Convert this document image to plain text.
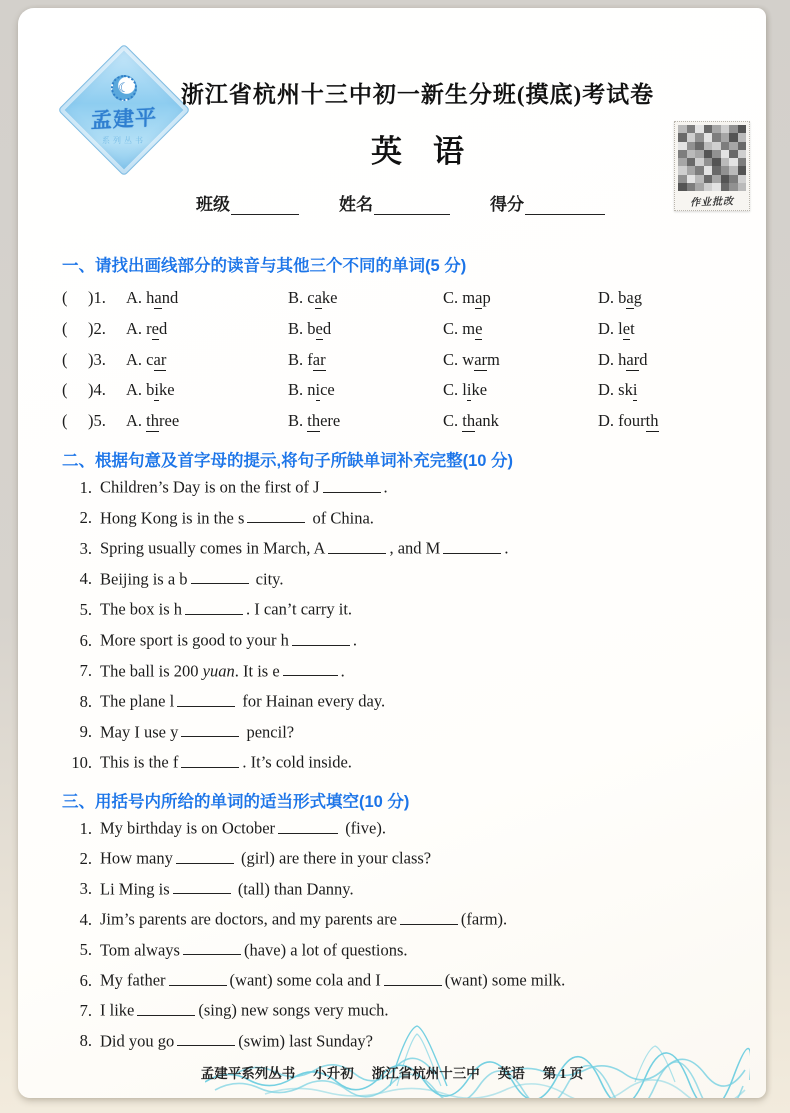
☾
孟建平
系列丛书
浙江省杭州十三中初一新生分班(摸底)考试卷
英    语
班级	姓名	得分	作业批改
一、请找出画线部分的读音与其他三个不同的单词(5 分)
(	)1.	A. hand	B. cake	C. map	D. bag
(	)2.	A. red	B. bed	C. me	D. let
(	)3.	A. car	B. far	C. warm	D. hard
(	)4.	A. bike	B. nice	C. like	D. ski
(	)5.	A. three	B. there	C. thank	D. fourth
二、根据句意及首字母的提示,将句子所缺单词补充完整(10 分)
1. Children’s Day is on the first of J	.
2. Hong Kong is in the s	of China.
3. Spring usually comes in March, A	, and M	.
4. Beijing is a b	city.
5. The box is h	. I can’t carry it.
6. More sport is good to your h	.
7. The ball is 200 yuan. It is e	.
8. The plane l	for Hainan every day.
9. May I use y	pencil?
10. This is the f	. It’s cold inside.
三、用括号内所给的单词的适当形式填空(10 分)
1. My birthday is on October	(five).
2. How many	(girl) are there in your class?
3. Li Ming is	(tall) than Danny.
4. Jim’s parents are doctors, and my parents are	(farm).
5. Tom always	(have) a lot of questions.
6. My father	(want) some cola and I	(want) some milk.
7. I like	(sing) new songs very much.
8. Did you go	(swim) last Sunday?
孟建平系列丛书 小升初 浙江省杭州十三中 英语 第 1 页
